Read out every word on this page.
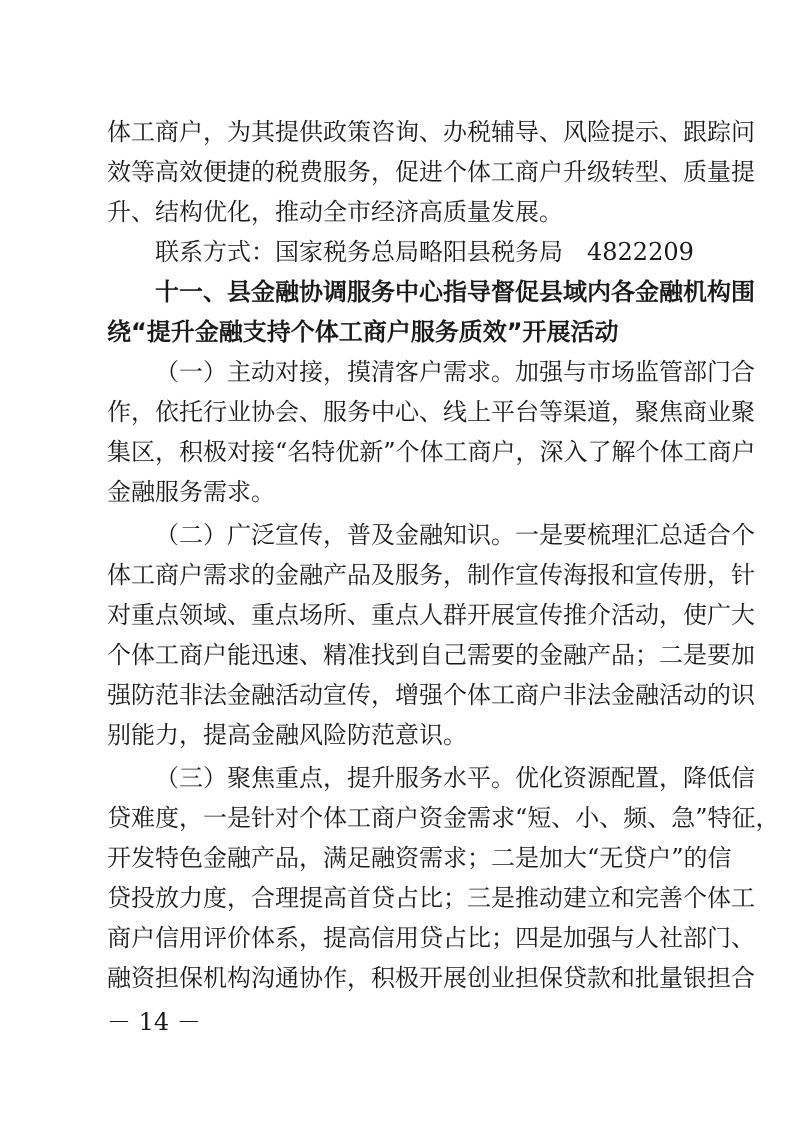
体工商户，为其提供政策咨询、办税辅导、风险提示、跟踪问
效等高效便捷的税费服务，促进个体工商户升级转型、质量提
升、结构优化，推动全市经济高质量发展。
联系方式：国家税务总局略阳县税务局　4822209
十一、县金融协调服务中心指导督促县域内各金融机构围
绕“提升金融支持个体工商户服务质效”开展活动
（一）主动对接，摸清客户需求。加强与市场监管部门合
作，依托行业协会、服务中心、线上平台等渠道，聚焦商业聚
集区，积极对接“名特优新”个体工商户，深入了解个体工商户
金融服务需求。
（二）广泛宣传，普及金融知识。一是要梳理汇总适合个
体工商户需求的金融产品及服务，制作宣传海报和宣传册，针
对重点领域、重点场所、重点人群开展宣传推介活动，使广大
个体工商户能迅速、精准找到自己需要的金融产品；二是要加
强防范非法金融活动宣传，增强个体工商户非法金融活动的识
别能力，提高金融风险防范意识。
（三）聚焦重点，提升服务水平。优化资源配置，降低信
贷难度，一是针对个体工商户资金需求“短、小、频、急”特征，
开发特色金融产品，满足融资需求；二是加大“无贷户”的信
贷投放力度，合理提高首贷占比；三是推动建立和完善个体工
商户信用评价体系，提高信用贷占比；四是加强与人社部门、
融资担保机构沟通协作，积极开展创业担保贷款和批量银担合
－ 14 －
